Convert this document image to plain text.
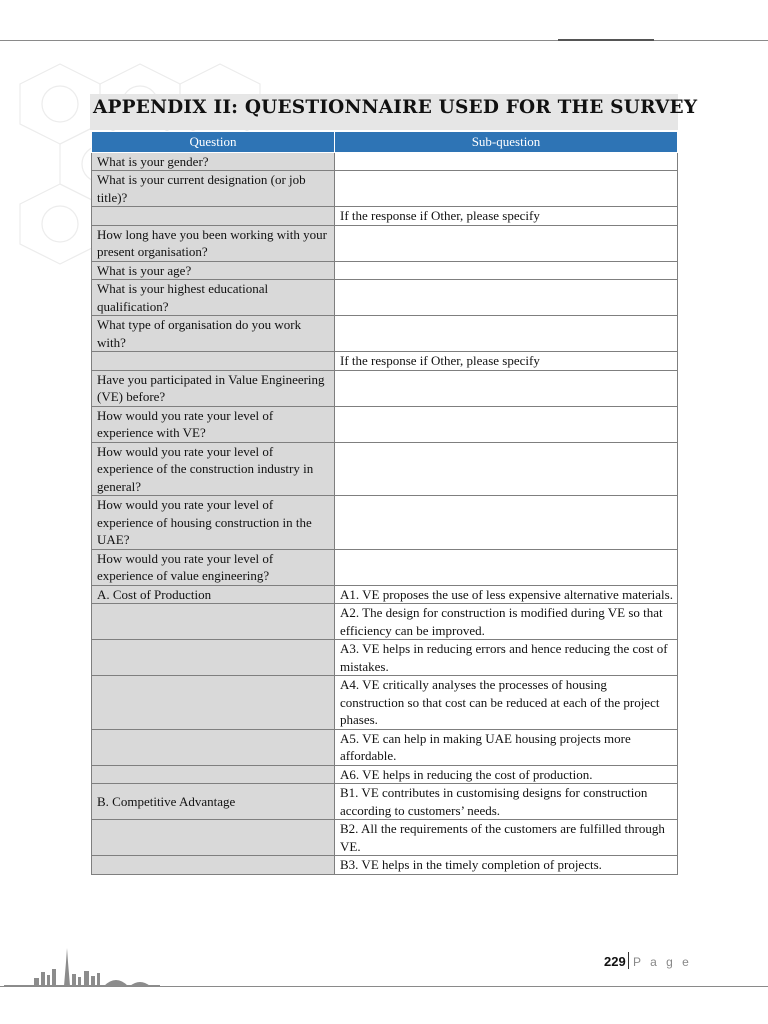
APPENDIX II: QUESTIONNAIRE USED FOR THE SURVEY
Question	Sub-question
What is your gender?	
What is your current designation (or job title)?	
	If the response if Other, please specify
How long have you been working with your present organisation?	
What is your age?	
What is your highest educational qualification?	
What type of organisation do you work with?	
	If the response if Other, please specify
Have you participated in Value Engineering (VE) before?	
How would you rate your level of experience with VE?	
How would you rate your level of experience of the construction industry in general?	
How would you rate your level of experience of housing construction in the UAE?	
How would you rate your level of experience of value engineering?	
A. Cost of Production	A1. VE proposes the use of less expensive alternative materials.
	A2. The design for construction is modified during VE so that efficiency can be improved.
	A3. VE helps in reducing errors and hence reducing the cost of mistakes.
	A4. VE critically analyses the processes of housing construction so that cost can be reduced at each of the project phases.
	A5. VE can help in making UAE housing projects more affordable.
	A6. VE helps in reducing the cost of production.
B. Competitive Advantage	B1. VE contributes in customising designs for construction according to customers’ needs.
	B2. All the requirements of the customers are fulfilled through VE.
	B3. VE helps in the timely completion of projects.
229 P a g e
